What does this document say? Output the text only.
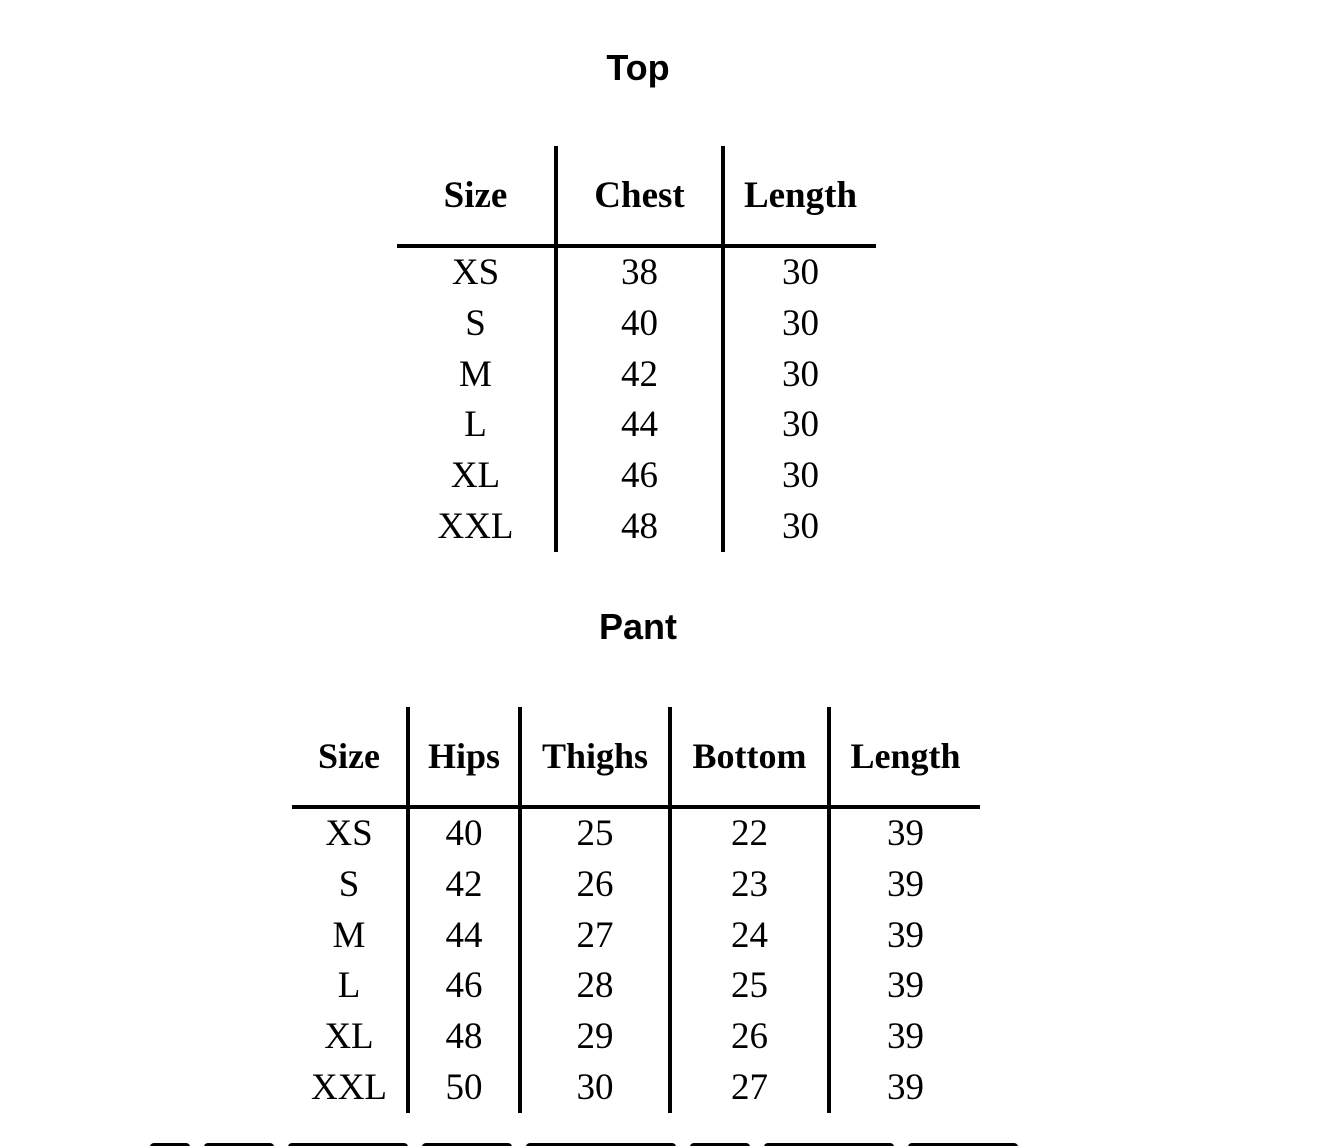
Top
Size	Chest	Length
XS	38	30
S	40	30
M	42	30
L	44	30
XL	46	30
XXL	48	30
Pant
Size	Hips	Thighs	Bottom	Length
XS	40	25	22	39
S	42	26	23	39
M	44	27	24	39
L	46	28	25	39
XL	48	29	26	39
XXL	50	30	27	39
